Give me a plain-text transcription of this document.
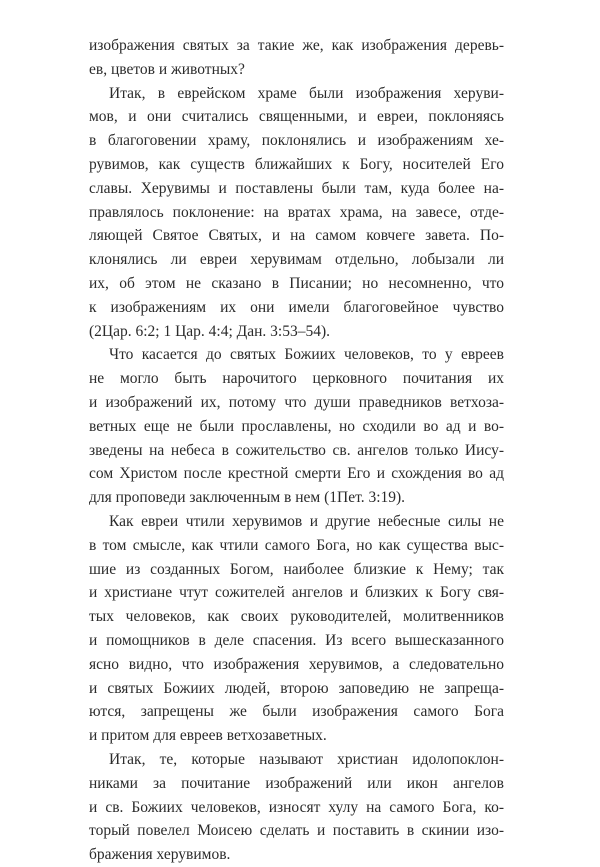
изображения святых за такие же, как изображения деревь-
ев, цветов и животных?
Итак, в еврейском храме были изображения херуви-
мов, и они считались священными, и евреи, поклоняясь
в благоговении храму, поклонялись и изображениям хе-
рувимов, как существ ближайших к Богу, носителей Его
славы. Херувимы и поставлены были там, куда более на-
правлялось поклонение: на вратах храма, на завесе, отде-
ляющей Святое Святых, и на самом ковчеге завета. По-
клонялись ли евреи херувимам отдельно, лобызали ли
их, об этом не сказано в Писании; но несомненно, что
к изображениям их они имели благоговейное чувство
(2Цар. 6:2; 1 Цар. 4:4; Дан. 3:53–54).
Что касается до святых Божиих человеков, то у евреев
не могло быть нарочитого церковного почитания их
и изображений их, потому что души праведников ветхоза-
ветных еще не были прославлены, но сходили во ад и во-
зведены на небеса в сожительство св. ангелов только Иису-
сом Христом после крестной смерти Его и схождения во ад
для проповеди заключенным в нем (1Пет. 3:19).
Как евреи чтили херувимов и другие небесные силы не
в том смысле, как чтили самого Бога, но как существа выс-
шие из созданных Богом, наиболее близкие к Нему; так
и христиане чтут сожителей ангелов и близких к Богу свя-
тых человеков, как своих руководителей, молитвенников
и помощников в деле спасения. Из всего вышесказанного
ясно видно, что изображения херувимов, а следовательно
и святых Божиих людей, второю заповедию не запреща-
ются, запрещены же были изображения самого Бога
и притом для евреев ветхозаветных.
Итак, те, которые называют христиан идолопоклон-
никами за почитание изображений или икон ангелов
и св. Божиих человеков, износят хулу на самого Бога, ко-
торый повелел Моисею сделать и поставить в скинии изо-
бражения херувимов.
